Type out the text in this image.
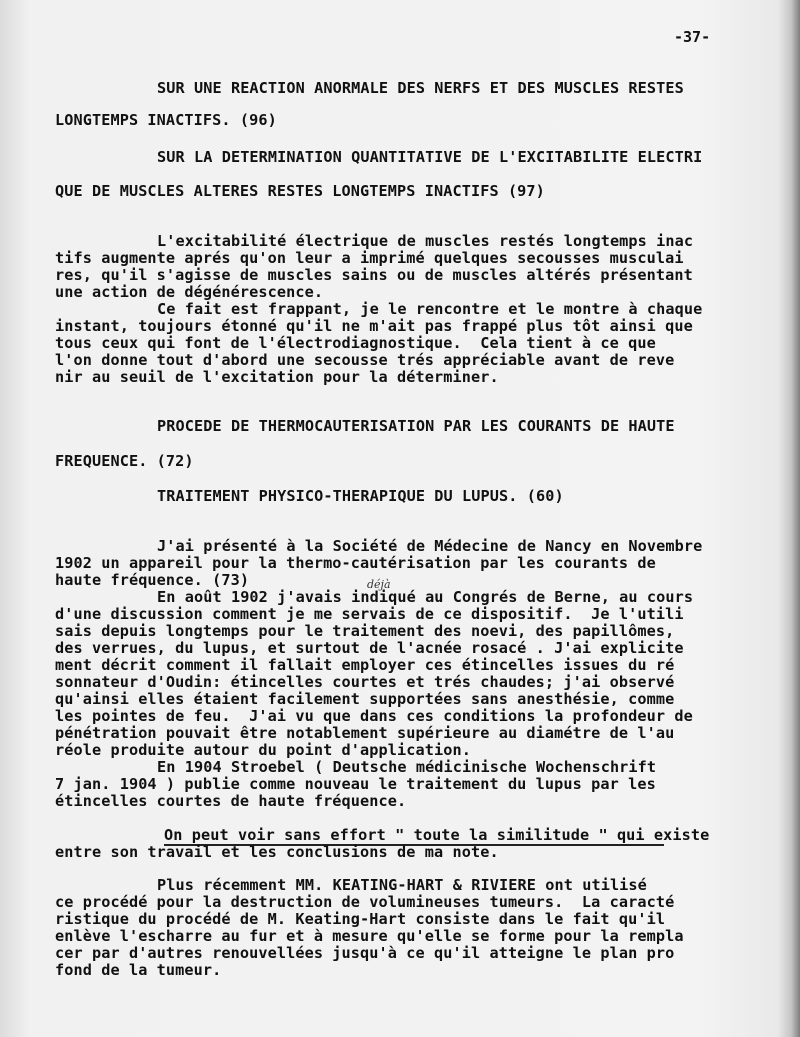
-37-
SUR UNE REACTION ANORMALE DES NERFS ET DES MUSCLES RESTES
LONGTEMPS INACTIFS. (96)
SUR LA DETERMINATION QUANTITATIVE DE L'EXCITABILITE ELECTRI
QUE DE MUSCLES ALTERES RESTES LONGTEMPS INACTIFS (97)
L'excitabilité électrique de muscles restés longtemps inac
tifs augmente aprés qu'on leur a imprimé quelques secousses musculai
res, qu'il s'agisse de muscles sains ou de muscles altérés présentant
une action de dégénérescence.
Ce fait est frappant, je le rencontre et le montre à chaque
instant, toujours étonné qu'il ne m'ait pas frappé plus tôt ainsi que
tous ceux qui font de l'électrodiagnostique.  Cela tient à ce que
l'on donne tout d'abord une secousse trés appréciable avant de reve
nir au seuil de l'excitation pour la déterminer.
PROCEDE DE THERMOCAUTERISATION PAR LES COURANTS DE HAUTE
FREQUENCE. (72)
TRAITEMENT PHYSICO-THERAPIQUE DU LUPUS. (60)
J'ai présenté à la Société de Médecine de Nancy en Novembre
1902 un appareil pour la thermo-cautérisation par les courants de
haute fréquence. (73)
En août 1902 j'avais indiqué au Congrés de Berne, au cours
d'une discussion comment je me servais de ce dispositif.  Je l'utili
sais depuis longtemps pour le traitement des noevi, des papillômes,
des verrues, du lupus, et surtout de l'acnée rosacé . J'ai explicite
ment décrit comment il fallait employer ces étincelles issues du ré
sonnateur d'Oudin: étincelles courtes et trés chaudes; j'ai observé
qu'ainsi elles étaient facilement supportées sans anesthésie, comme
les pointes de feu.  J'ai vu que dans ces conditions la profondeur de
pénétration pouvait être notablement supérieure au diamétre de l'au
réole produite autour du point d'application.
En 1904 Stroebel ( Deutsche médicinische Wochenschrift
7 jan. 1904 ) publie comme nouveau le traitement du lupus par les
étincelles courtes de haute fréquence.
On peut voir sans effort " toute la similitude " qui existe
entre son travail et les conclusions de ma note.
Plus récemment MM. KEATING-HART & RIVIERE ont utilisé
ce procédé pour la destruction de volumineuses tumeurs.  La caracté
ristique du procédé de M. Keating-Hart consiste dans le fait qu'il
enlève l'escharre au fur et à mesure qu'elle se forme pour la rempla
cer par d'autres renouvellées jusqu'à ce qu'il atteigne le plan pro
fond de la tumeur.
déjà
